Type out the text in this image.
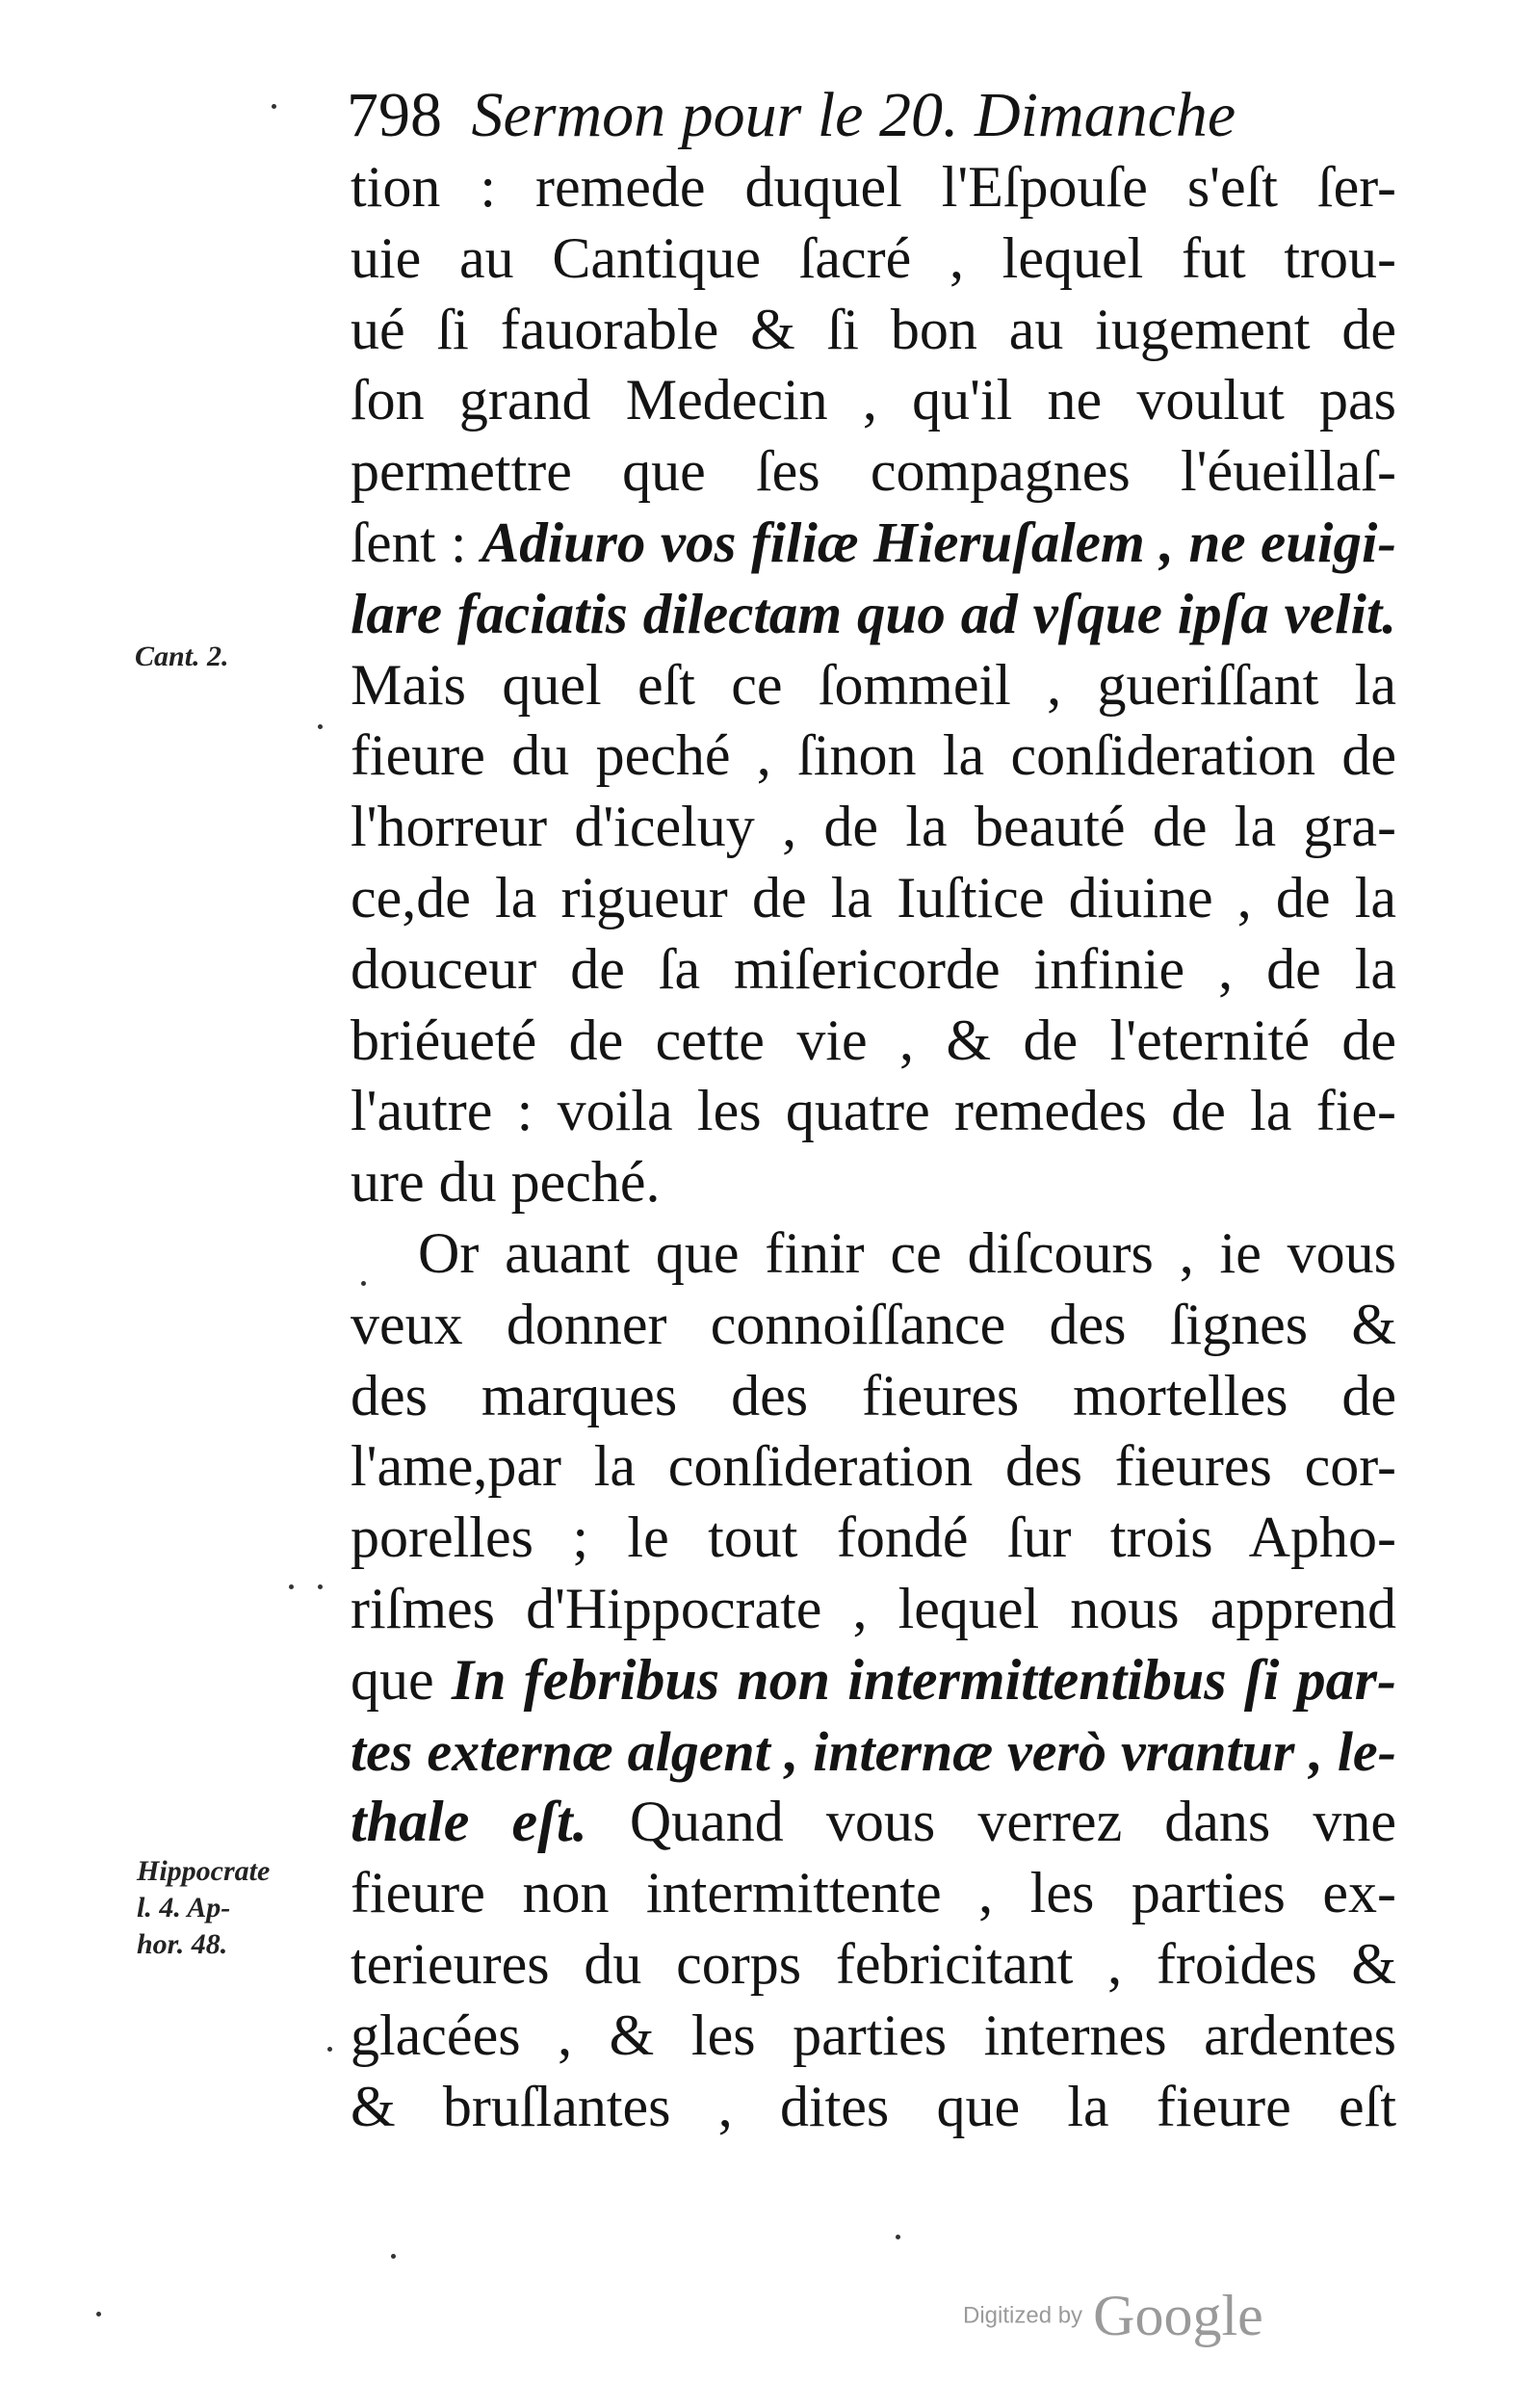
798 Sermon pour le 20. Dimanche
tion : remede duquel l'Eſpouſe s'eſt ſer-
uie au Cantique ſacré , lequel fut trou-
ué ſi fauorable & ſi bon au iugement de
ſon grand Medecin , qu'il ne voulut pas
permettre que ſes compagnes l'éueillaſ-
ſent : Adiuro vos filiæ Hieruſalem , ne euigi-
lare faciatis dilectam quo ad vſque ipſa velit.
Mais quel eſt ce ſommeil , gueriſſant la
fieure du peché , ſinon la conſideration de
l'horreur d'iceluy , de la beauté de la gra-
ce,de la rigueur de la Iuſtice diuine , de la
douceur de ſa miſericorde infinie , de la
briéueté de cette vie , & de l'eternité de
l'autre : voila les quatre remedes de la fie-
ure du peché.
Or auant que finir ce diſcours , ie vous
veux donner connoiſſance des ſignes &
des marques des fieures mortelles de
l'ame,par la conſideration des fieures cor-
porelles ; le tout fondé ſur trois Apho-
riſmes d'Hippocrate , lequel nous apprend
que In febribus non intermittentibus ſi par-
tes externæ algent , internæ verò vrantur , le-
thale eſt. Quand vous verrez dans vne
fieure non intermittente , les parties ex-
terieures du corps febricitant , froides &
glacées , & les parties internes ardentes
& bruſlantes , dites que la fieure eſt
Cant. 2.
Hippocrate
l. 4. Ap-
hor. 48.
Digitized by Google
